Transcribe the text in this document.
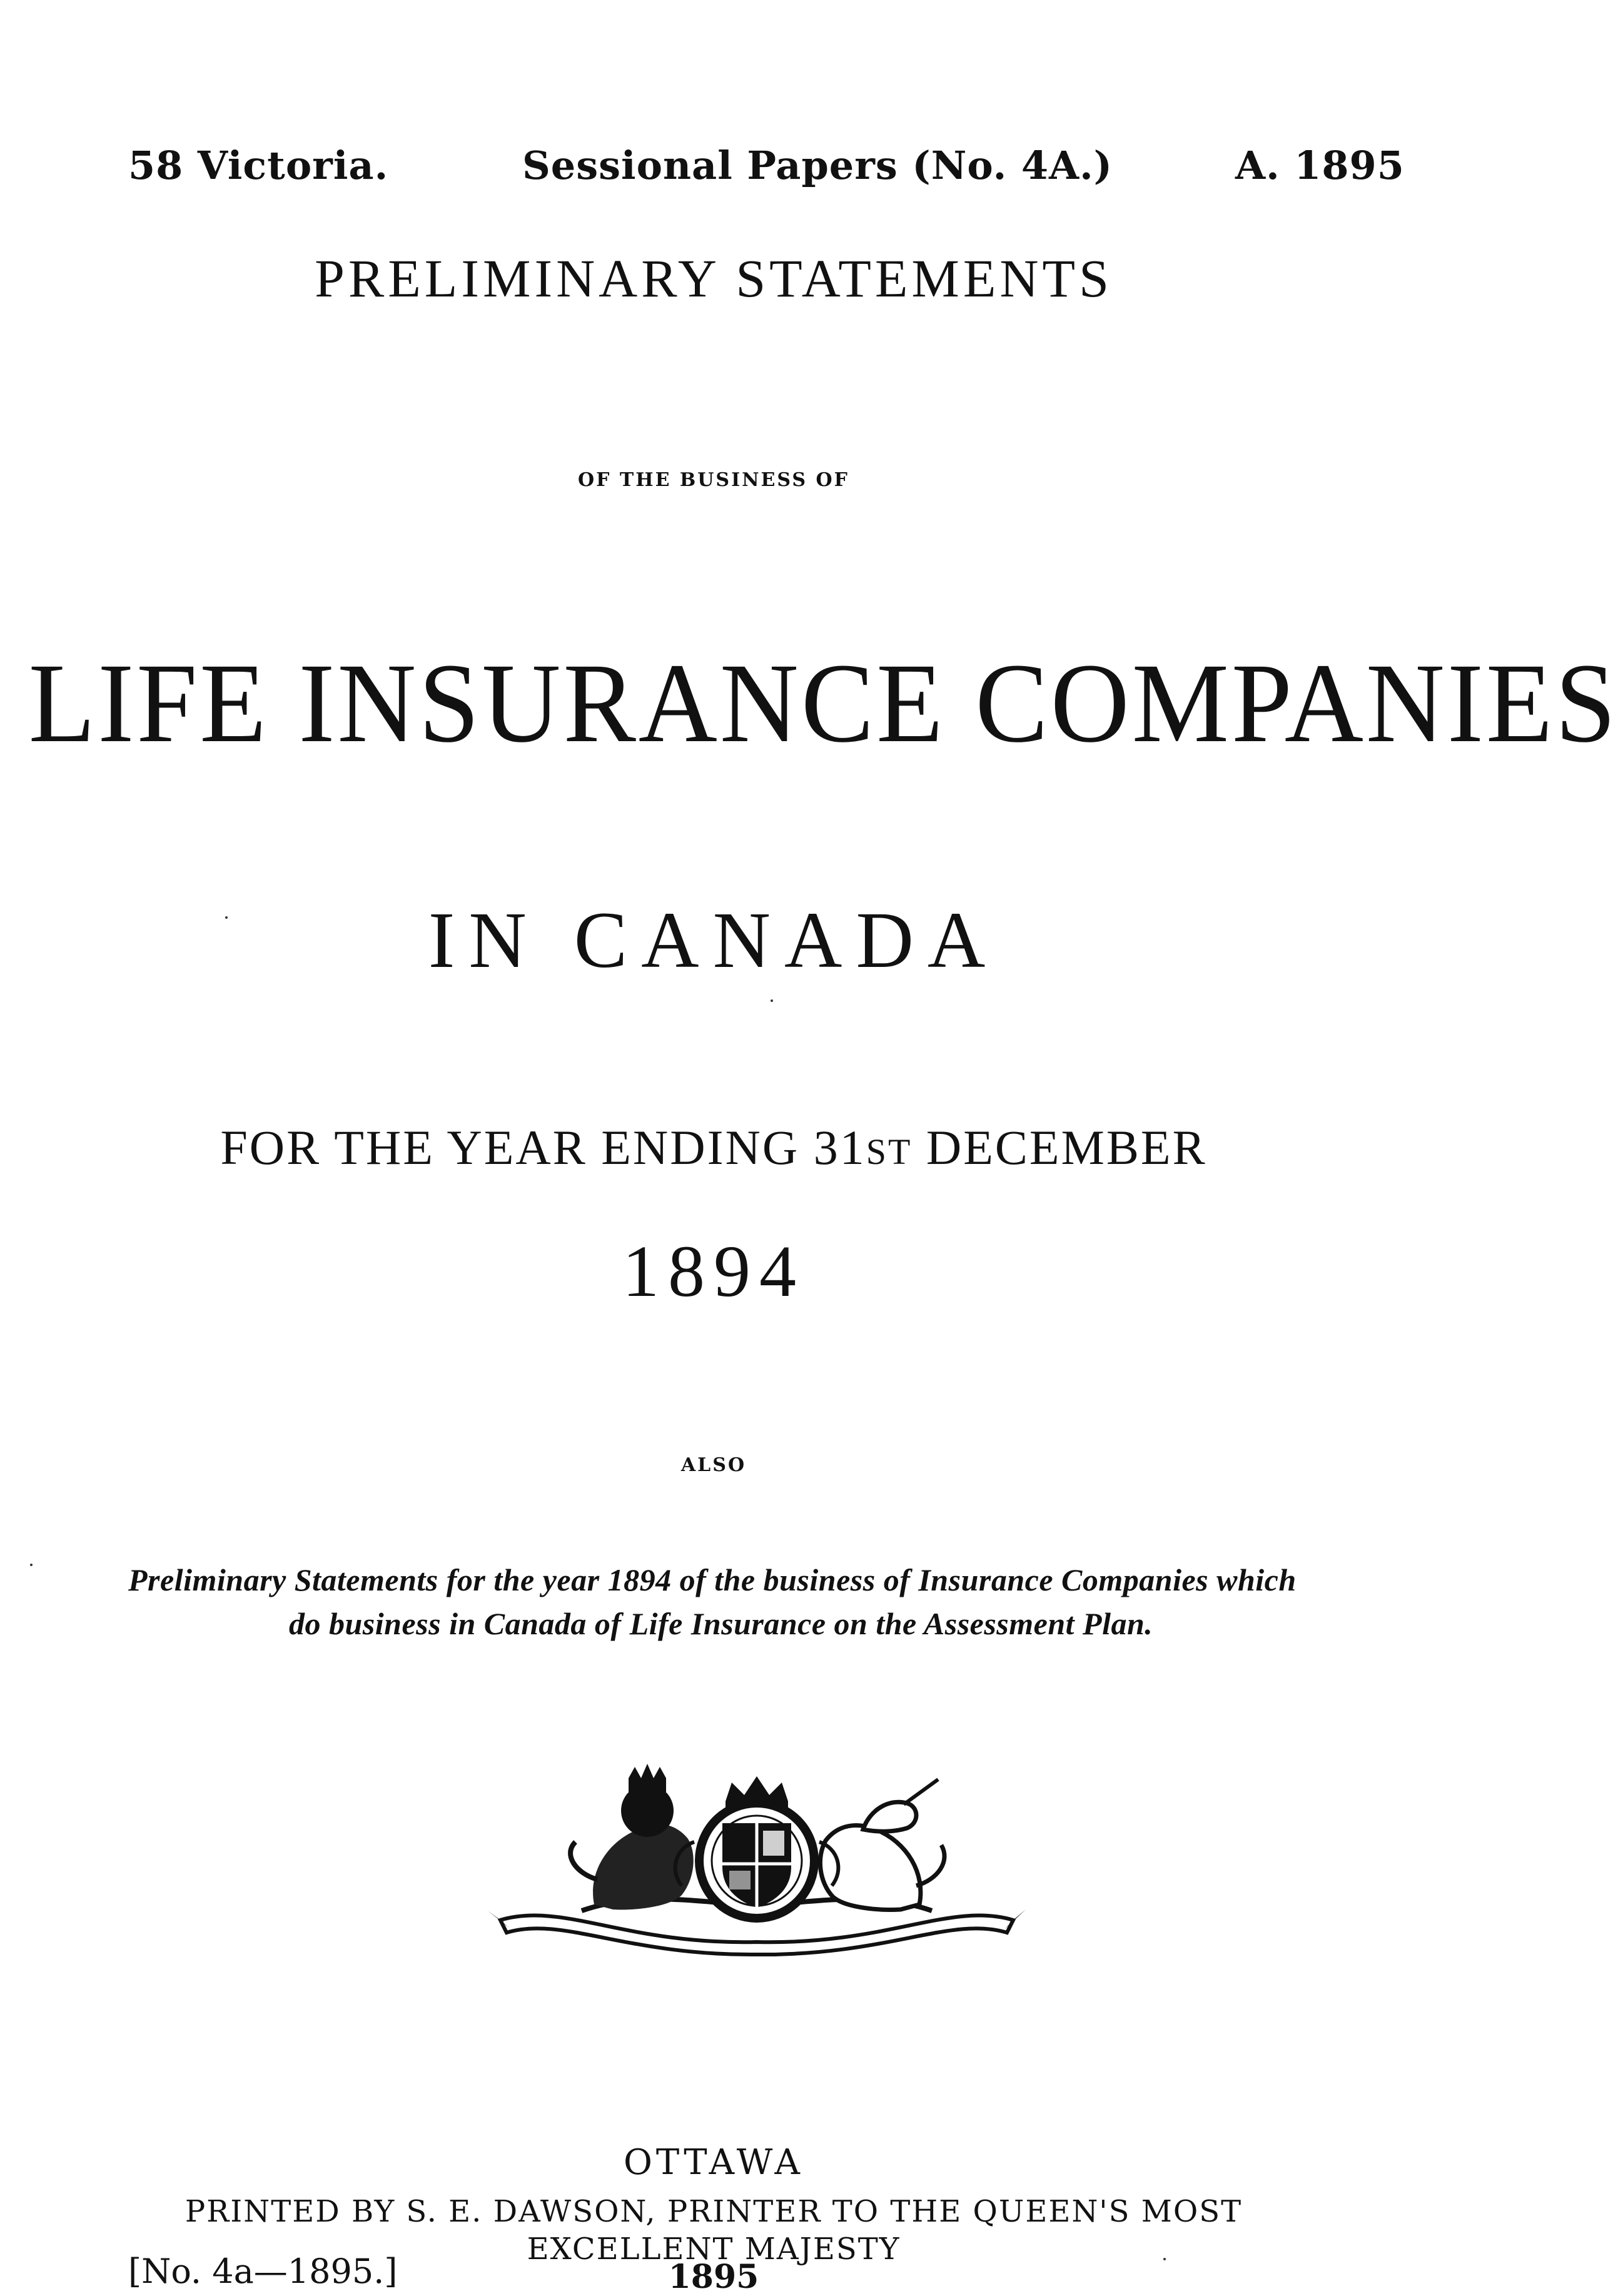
58 Victoria.	Sessional Papers (No. 4A.)	A. 1895
PRELIMINARY STATEMENTS
OF THE BUSINESS OF
LIFE INSURANCE COMPANIES
IN CANADA
FOR THE YEAR ENDING 31ST DECEMBER
1894
ALSO
Preliminary Statements for the year 1894 of the business of Insurance Companies which
do business in Canada of Life Insurance on the Assessment Plan.
OTTAWA
PRINTED BY S. E. DAWSON, PRINTER TO THE QUEEN'S MOST
EXCELLENT MAJESTY
1895
[No. 4a—1895.]
